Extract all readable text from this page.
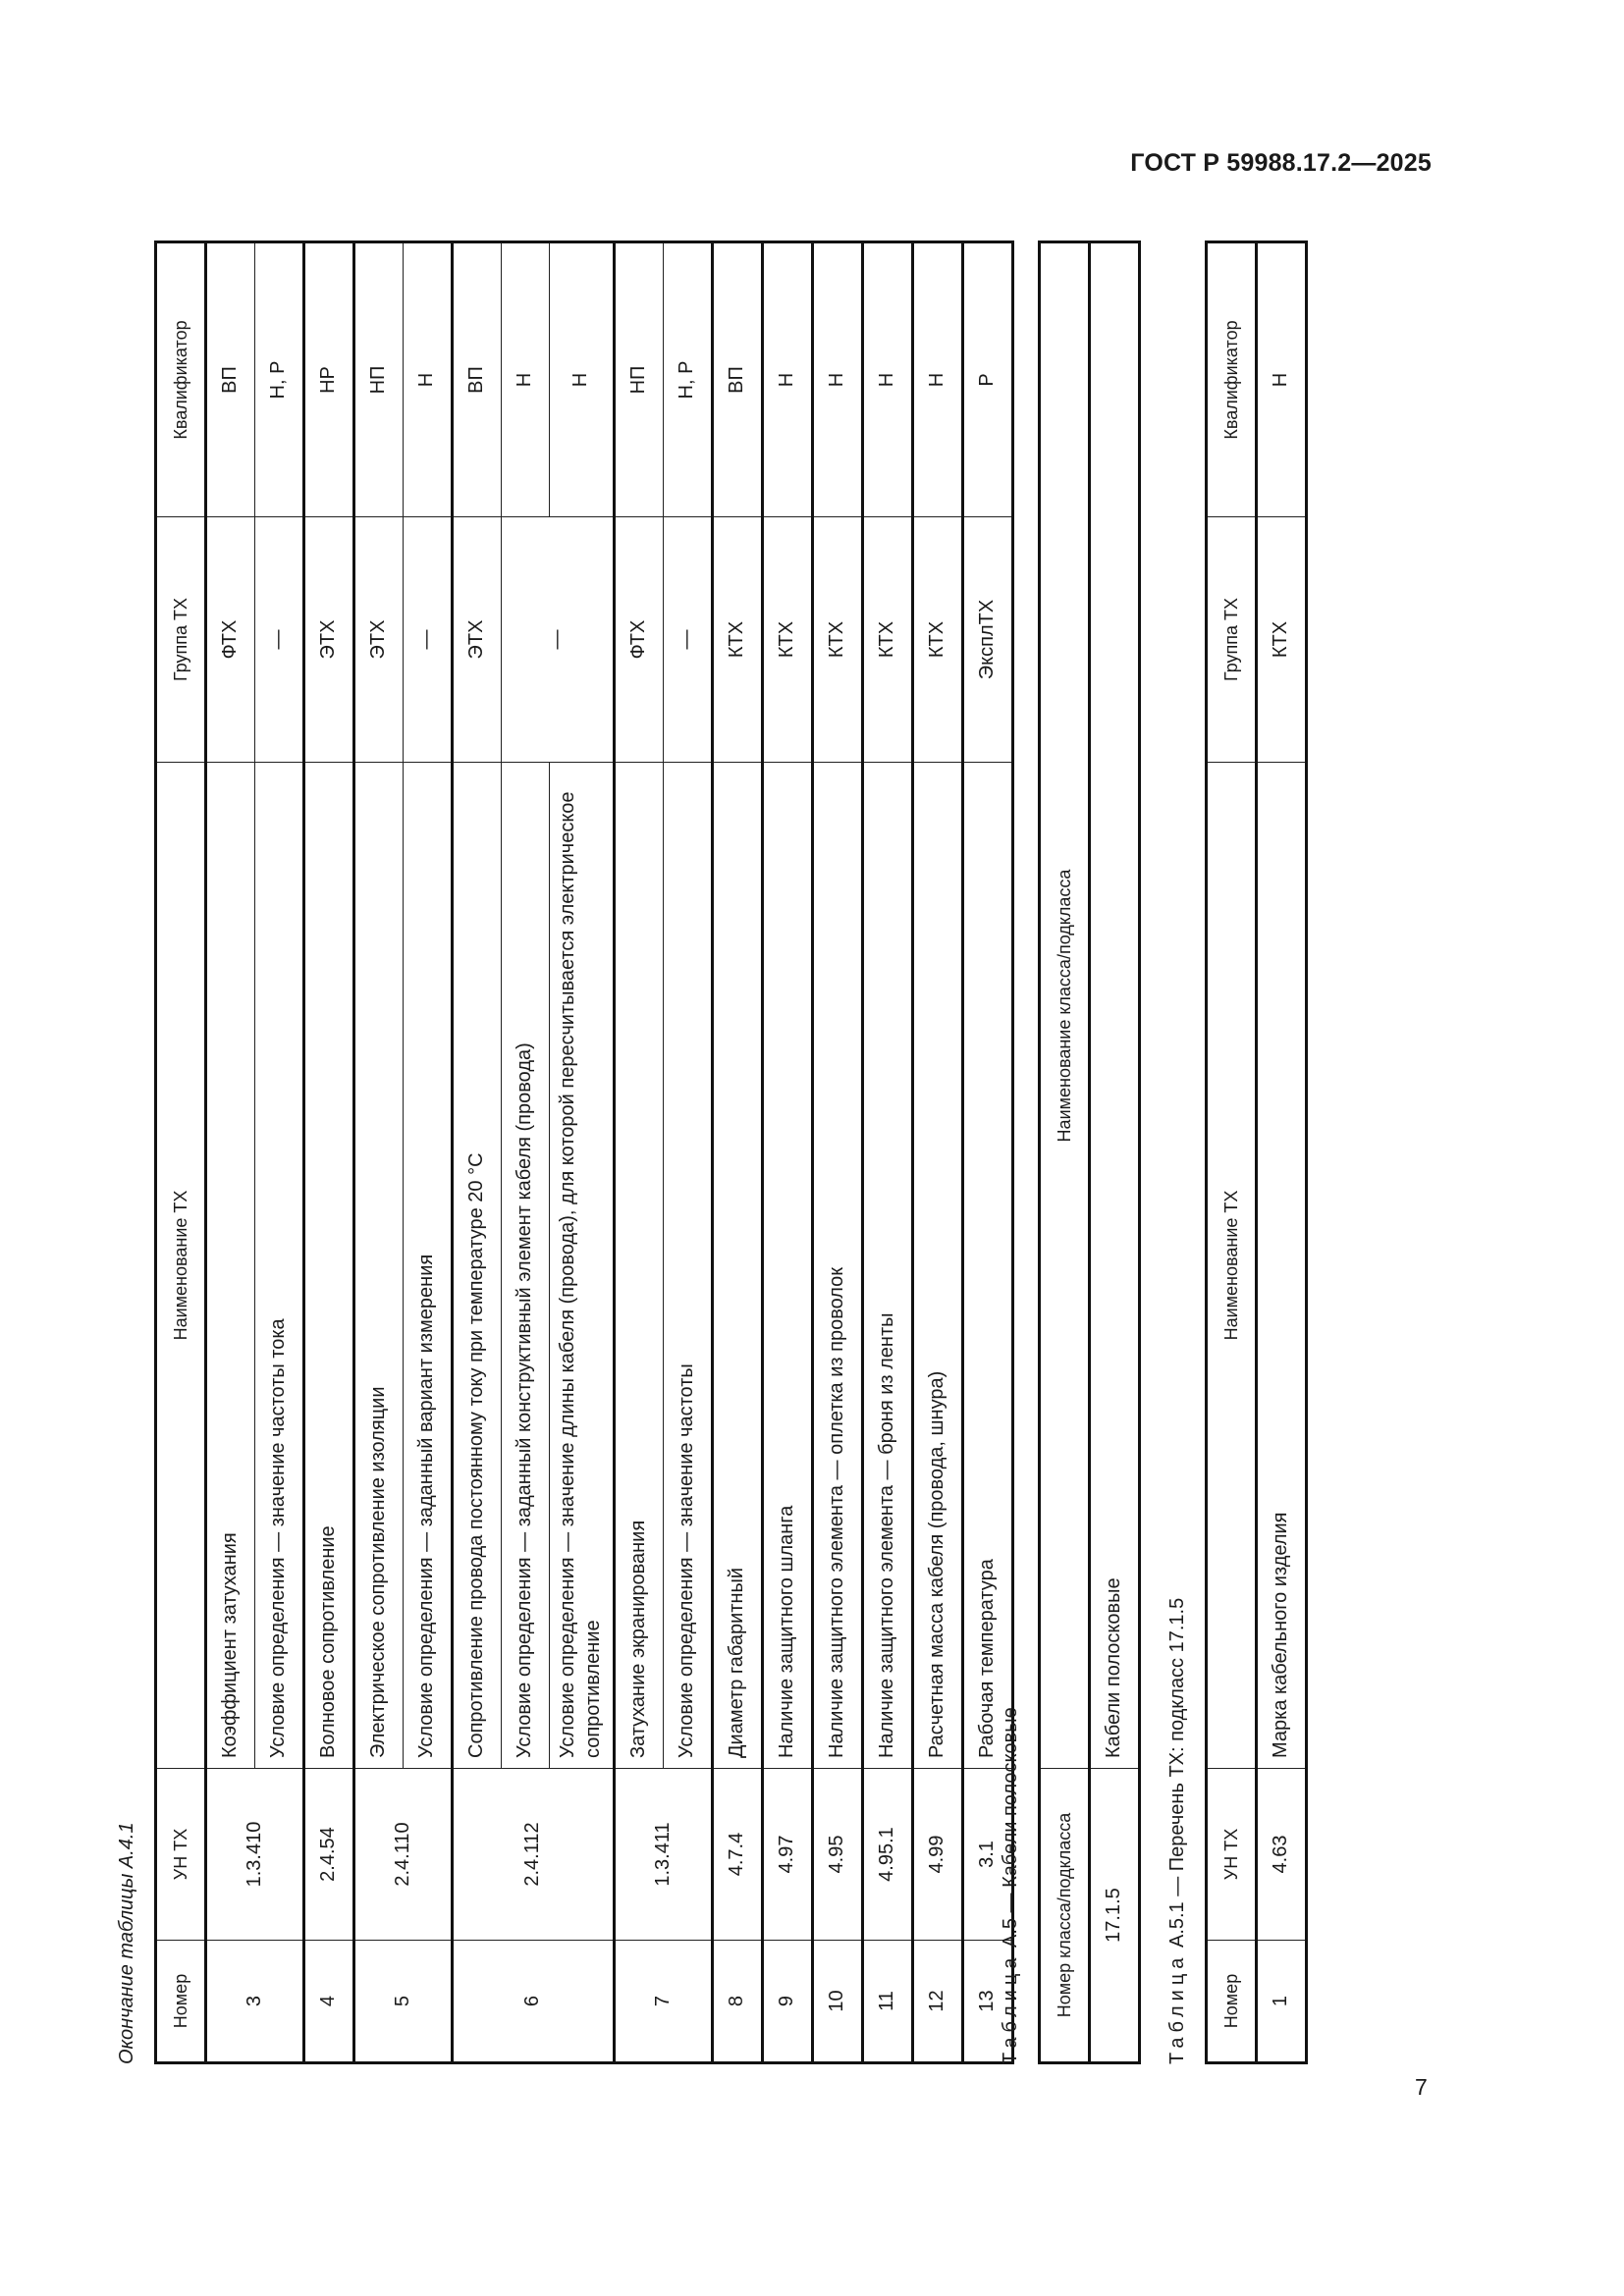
ГОСТ Р 59988.17.2—2025

Окончание таблицы А.4.1 Номер	УН ТХ	Наименование ТХ	Группа ТХ	Квалификатор
3	1.3.410	Коэффициент затухания	ФТХ	ВП
		Условие определения — значение частоты тока	—	Н, Р
4	2.4.54	Волновое сопротивление	ЭТХ	НР
5	2.4.110	Электрическое сопротивление изоляции	ЭТХ	НП
		Условие определения — заданный вариант измерения	—	Н
6	2.4.112	Сопротивление провода постоянному току при температуре 20 °С	ЭТХ	ВП
		Условие определения — заданный конструктивный элемент кабеля (провода)	—	Н
		Условие определения — значение длины кабеля (провода), для которой пересчитывается электрическое сопротивление		Н
7	1.3.411	Затухание экранирования	ФТХ	НП
		Условие определения — значение частоты	—	Н, Р
8	4.7.4	Диаметр габаритный	КТХ	ВП
9	4.97	Наличие защитного шланга	КТХ	Н
10	4.95	Наличие защитного элемента — оплетка из проволок	КТХ	Н
11	4.95.1	Наличие защитного элемента — броня из ленты	КТХ	Н
12	4.99	Расчетная масса кабеля (провода, шнура)	КТХ	Н
13	3.1	Рабочая температура	ЭксплТХ	Р

Таблица А.5 — Кабели полосковые Номер класса/подкласса	Наименование класса/подкласса
17.1.5	Кабели полосковые

Таблица А.5.1 — Перечень ТХ: подкласс 17.1.5

Номер	УН ТХ	Наименование ТХ	Группа ТХ	Квалификатор
1	4.63	Марка кабельного изделия	КТХ	Н
7
